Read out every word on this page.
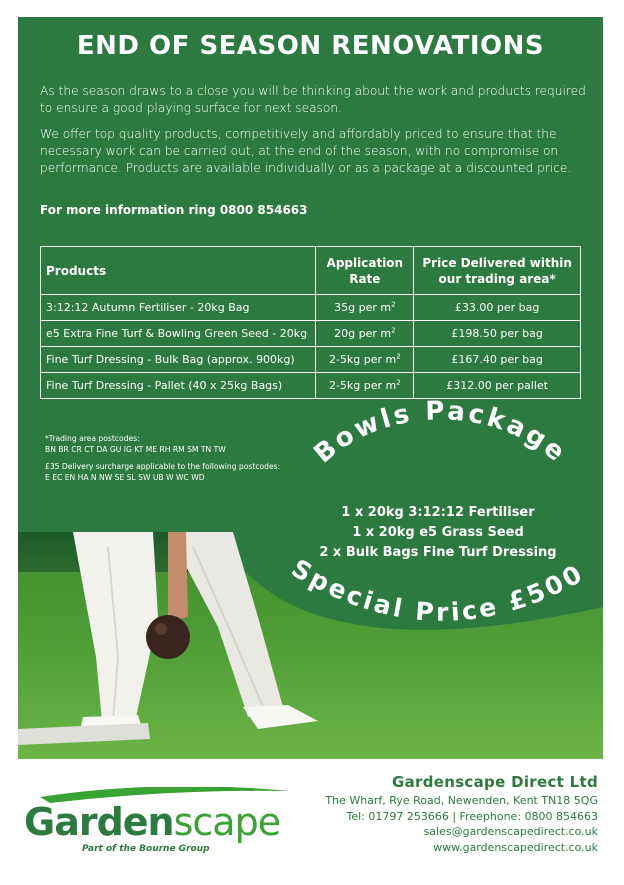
Bowls Package
Special Price £500
END OF SEASON RENOVATIONS

As the season draws to a close you will be thinking about the work and products required to ensure a good playing surface for next season.

We offer top quality products, competitively and affordably priced to ensure that the necessary work can be carried out, at the end of the season, with no compromise on performance. Products are available individually or as a package at a discounted price.

For more information ring 0800 854663
Products	Application Rate	Price Delivered within our trading area*
3:12:12 Autumn Fertiliser - 20kg Bag	35g per $m^2$	£33.00 per bag
e5 Extra Fine Turf & Bowling Green Seed - 20kg	20g per $m^2$	£198.50 per bag
Fine Turf Dressing - Bulk Bag (approx. 900kg)	2-5kg per $m^2$	£167.40 per bag
Fine Turf Dressing - Pallet (40 x 25kg Bags)	2-5kg per $m^2$	£312.00 per pallet

*Trading area postcodes:
BN BR CR CT DA GU IG KT ME RH RM SM TN TW

£35 Delivery surcharge applicable to the following postcodes:
E EC EN HA N NW SE SL SW UB W WC WD

1 x 20kg 3:12:12 Fertiliser
1 x 20kg e5 Grass Seed
2 x Bulk Bags Fine Turf Dressing
Gardenscape
Part of the Bourne Group
Gardenscape Direct Ltd
The Wharf, Rye Road, Newenden, Kent TN18 5QG
Tel: 01797 253666 | Freephone: 0800 854663
sales@gardenscapedirect.co.uk
www.gardenscapedirect.co.uk
